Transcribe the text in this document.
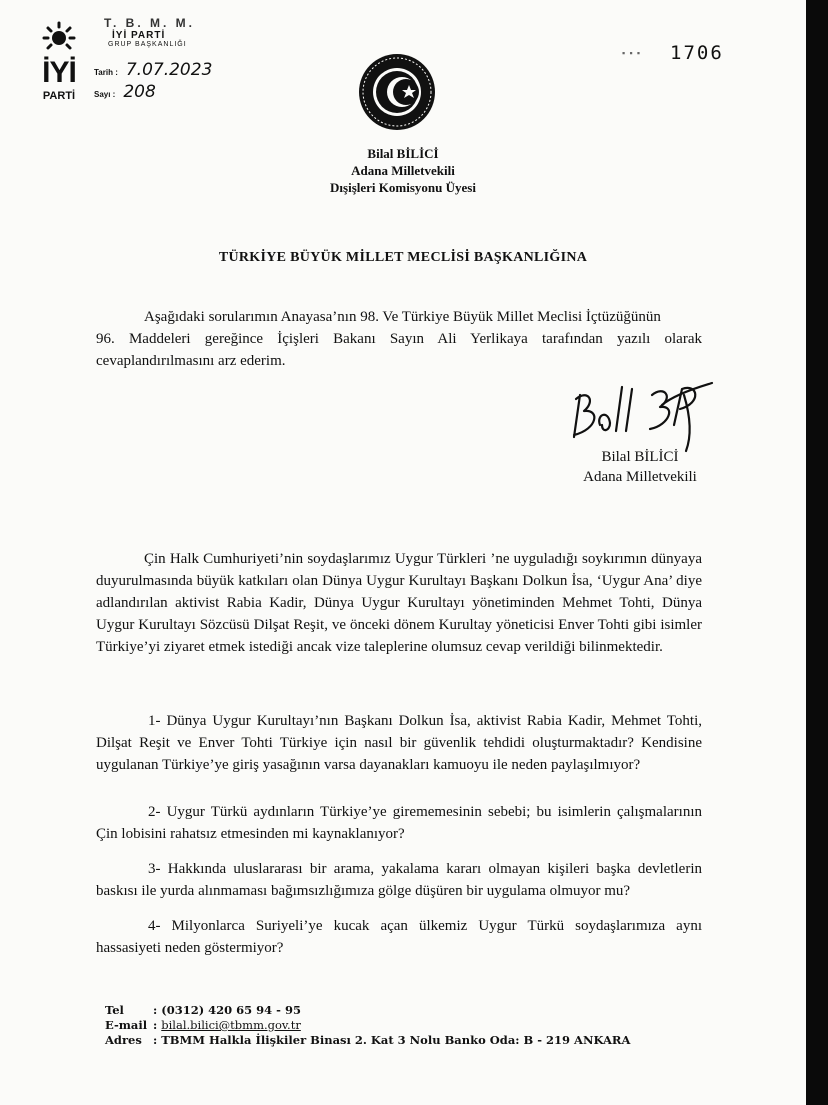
İYİ
PARTİ
T. B. M. M.
İYİ PARTİ
GRUP BAŞKANLIĞI
Tarih : 7.07.2023
Sayı : 208
▪ ▪ ▪ 1706
Bilal BİLİCİ
Adana Milletvekili
Dışişleri Komisyonu Üyesi
TÜRKİYE BÜYÜK MİLLET MECLİSİ BAŞKANLIĞINA
Aşağıdaki sorularımın Anayasa’nın 98. Ve Türkiye Büyük Millet Meclisi İçtüzüğünün
96. Maddeleri gereğince İçişleri Bakanı Sayın Ali Yerlikaya tarafından yazılı olarak cevaplandırılmasını arz ederim.
Bilal BİLİCİ
Adana Milletvekili
Çin Halk Cumhuriyeti’nin soydaşlarımız Uygur Türkleri ’ne uyguladığı soykırımın dünyaya duyurulmasında büyük katkıları olan Dünya Uygur Kurultayı Başkanı Dolkun İsa, ‘Uygur Ana’ diye adlandırılan aktivist Rabia Kadir, Dünya Uygur Kurultayı yönetiminden Mehmet Tohti, Dünya Uygur Kurultayı Sözcüsü Dilşat Reşit, ve önceki dönem Kurultay yöneticisi Enver Tohti gibi isimler Türkiye’yi ziyaret etmek istediği ancak vize taleplerine olumsuz cevap verildiği bilinmektedir.
1- Dünya Uygur Kurultayı’nın Başkanı Dolkun İsa, aktivist Rabia Kadir, Mehmet Tohti, Dilşat Reşit ve Enver Tohti Türkiye için nasıl bir güvenlik tehdidi oluşturmaktadır? Kendisine uygulanan Türkiye’ye giriş yasağının varsa dayanakları kamuoyu ile neden paylaşılmıyor?
2- Uygur Türkü aydınların Türkiye’ye girememesinin sebebi; bu isimlerin çalışmalarının Çin lobisini rahatsız etmesinden mi kaynaklanıyor?
3- Hakkında uluslararası bir arama, yakalama kararı olmayan kişileri başka devletlerin baskısı ile yurda alınmaması bağımsızlığımıza gölge düşüren bir uygulama olmuyor mu?
4- Milyonlarca Suriyeli’ye kucak açan ülkemiz Uygur Türkü soydaşlarımıza aynı hassasiyeti neden göstermiyor?
Tel	: (0312) 420 65 94 - 95
E-mail : bilal.bilici@tbmm.gov.tr
Adres : TBMM Halkla İlişkiler Binası 2. Kat 3 Nolu Banko Oda: B - 219 ANKARA
